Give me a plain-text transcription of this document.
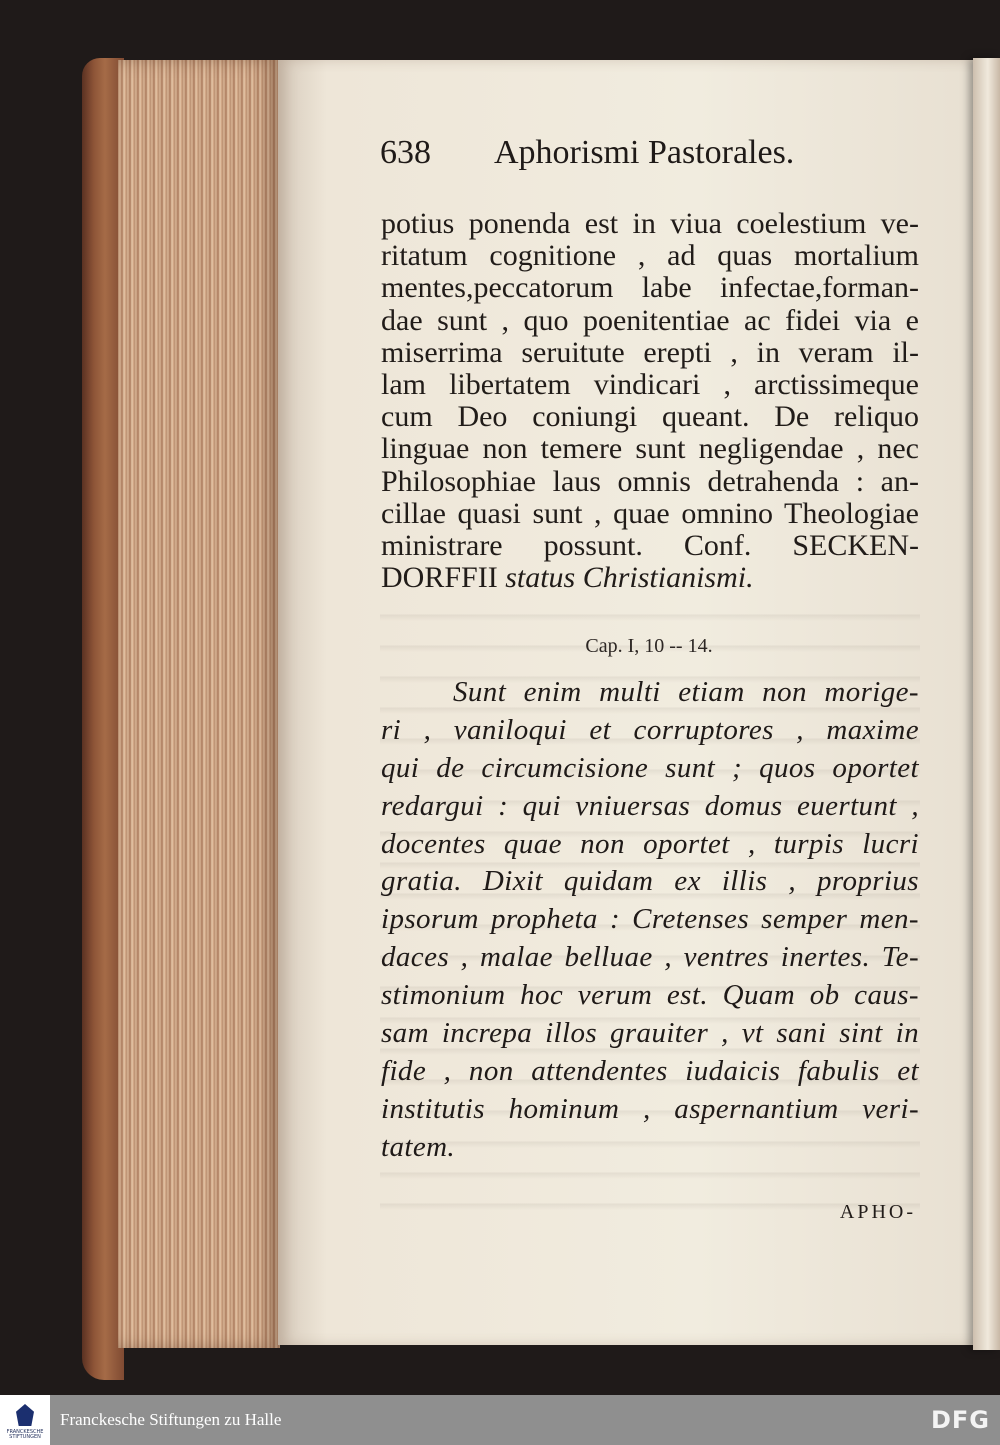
638 Aphorismi Pastorales.
potius ponenda est in viua coelestium ve-
ritatum cognitione , ad quas mortalium
mentes,peccatorum labe infectae,forman-
dae sunt , quo poenitentiae ac fidei via e
miserrima seruitute erepti , in veram il-
lam libertatem vindicari , arctissimeque
cum Deo coniungi queant. De reliquo
linguae non temere sunt negligendae , nec
Philosophiae laus omnis detrahenda : an-
cillae quasi sunt , quae omnino Theologiae
ministrare possunt. Conf. SECKEN-
DORFFII status Christianismi.
Cap. I, 10 -- 14.
Sunt enim multi etiam non morige-
ri , vaniloqui et corruptores , maxime
qui de circumcisione sunt ; quos oportet
redargui : qui vniuersas domus euertunt ,
docentes quae non oportet , turpis lucri
gratia. Dixit quidam ex illis , proprius
ipsorum propheta : Cretenses semper men-
daces , malae belluae , ventres inertes. Te-
stimonium hoc verum est. Quam ob caus-
sam increpa illos grauiter , vt sani sint in
fide , non attendentes iudaicis fabulis et
institutis hominum , aspernantium veri-
tatem.
APHO-
FRANCKESCHE STIFTUNGEN
Franckesche Stiftungen zu Halle	DFG
